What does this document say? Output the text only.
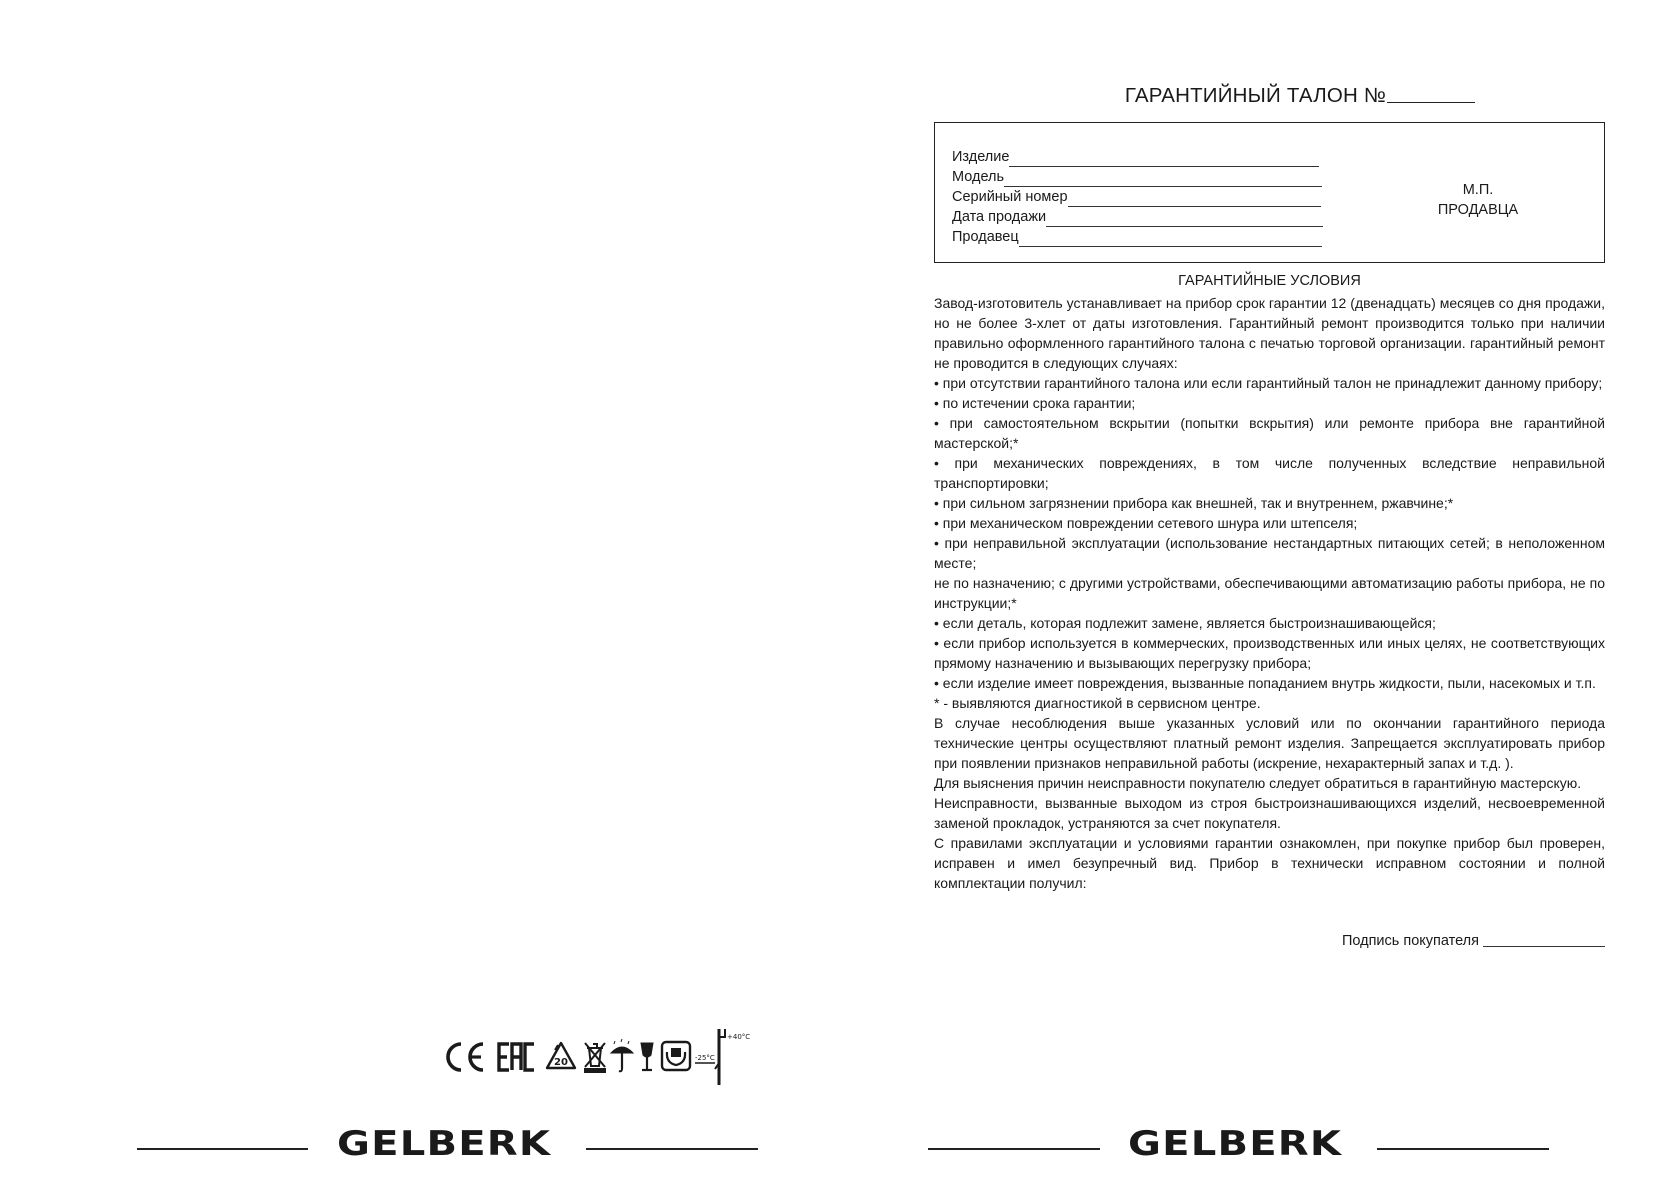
ГАРАНТИЙНЫЙ ТАЛОН №
Изделие
Модель
Серийный номер
Дата продажи
Продавец
М.П.
ПРОДАВЦА
ГАРАНТИЙНЫЕ УСЛОВИЯ

Завод-изготовитель устанавливает на прибор срок гарантии 12 (двенадцать) месяцев со дня продажи, но не более 3-хлет от даты изготовления. Гарантийный ремонт производится только при наличии правильно оформленного гарантийного талона с печатью торговой организации. гарантийный ремонт не проводится в следующих случаях:

• при отсутствии гарантийного талона или если гарантийный талон не принадлежит данному прибору;

• по истечении срока гарантии;

• при самостоятельном вскрытии (попытки вскрытия) или ремонте прибора вне гарантийной мастерской;*

• при механических повреждениях, в том числе полученных вследствие неправильной транспортировки;

• при сильном загрязнении прибора как внешней, так и внутреннем, ржавчине;*

• при механическом повреждении сетевого шнура или штепселя;

• при неправильной эксплуатации (использование нестандартных питающих сетей; в неположенном месте;

не по назначению; с другими устройствами, обеспечивающими автоматизацию работы прибора, не по инструкции;*

• если деталь, которая подлежит замене, является быстроизнашивающейся;

• если прибор используется в коммерческих, производственных или иных целях, не соответствующих прямому назначению и вызывающих перегрузку прибора;

• если изделие имеет повреждения, вызванные попаданием внутрь жидкости, пыли, насекомых и т.п.

* - выявляются диагностикой в сервисном центре.

В случае несоблюдения выше указанных условий или по окончании гарантийного периода технические центры осуществляют платный ремонт изделия. Запрещается эксплуатировать прибор при появлении признаков неправильной работы (искрение, нехарактерный запах и т.д. ).

Для выяснения причин неисправности покупателю следует обратиться в гарантийную мастерскую.

Неисправности, вызванные выходом из строя быстроизнашивающихся изделий, несвоевременной заменой прокладок, устраняются за счет покупателя.

С правилами эксплуатации и условиями гарантии ознакомлен, при покупке прибор был проверен, исправен и имел безупречный вид. Прибор в технически исправном состоянии и полной комплектации получил:

Подпись покупателя
CE
EAC
20
+40°C
-25°C
GELBERK	GELBERK
